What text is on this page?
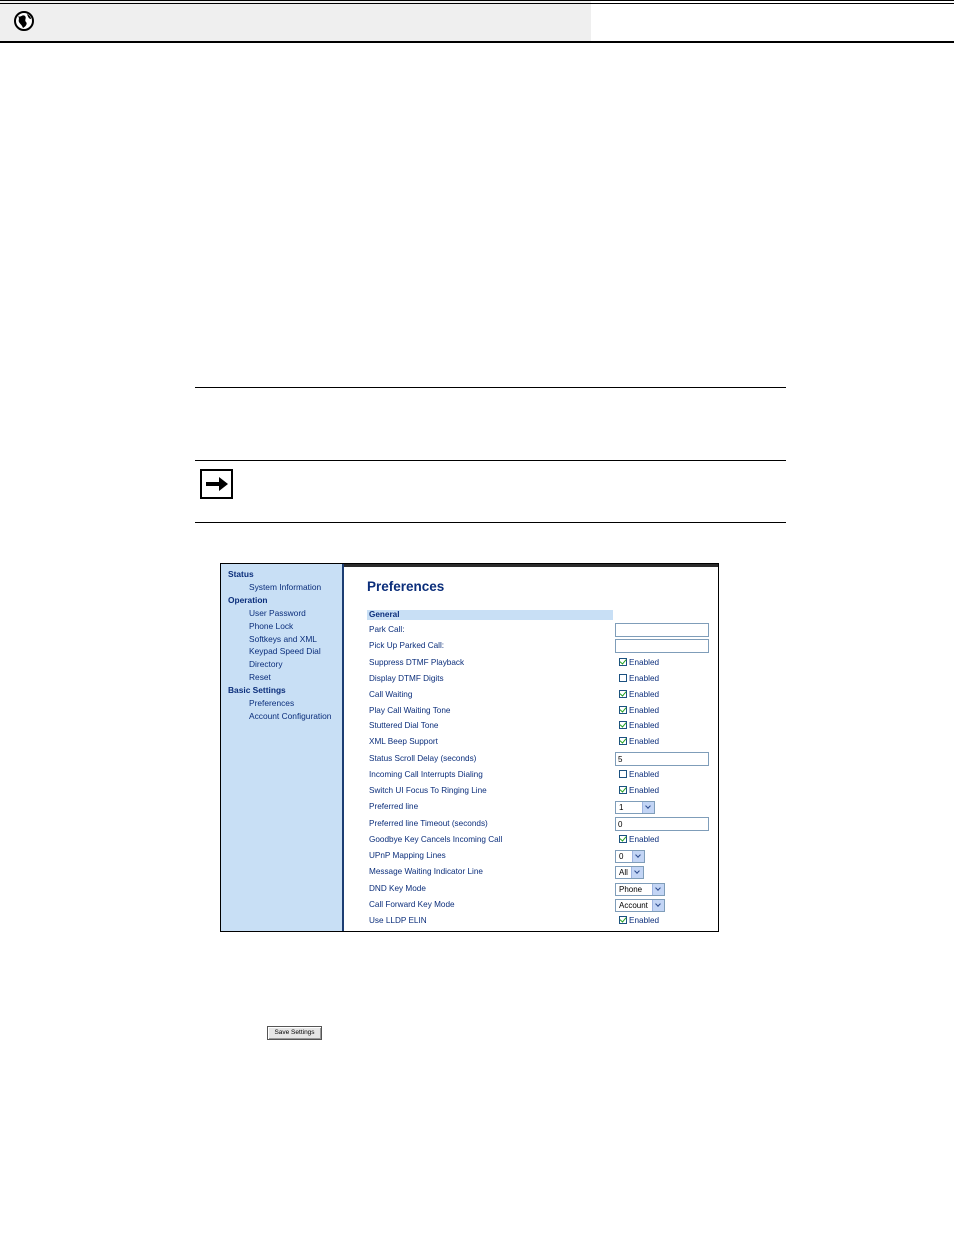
Status
System Information
Operation
User Password
Phone Lock
Softkeys and XML
Keypad Speed Dial
Directory
Reset
Basic Settings
Preferences
Account Configuration
Preferences
General
Park Call:
Pick Up Parked Call:
Suppress DTMF Playback	Enabled
Display DTMF Digits	Enabled
Call Waiting	Enabled
Play Call Waiting Tone	Enabled
Stuttered Dial Tone	Enabled
XML Beep Support	Enabled
Status Scroll Delay (seconds)	5
Incoming Call Interrupts Dialing	Enabled
Switch UI Focus To Ringing Line	Enabled
Preferred line	1
Preferred line Timeout (seconds)	0
Goodbye Key Cancels Incoming Call	Enabled
UPnP Mapping Lines	0
Message Waiting Indicator Line	All
DND Key Mode	Phone
Call Forward Key Mode	Account
Use LLDP ELIN	Enabled
Save Settings
